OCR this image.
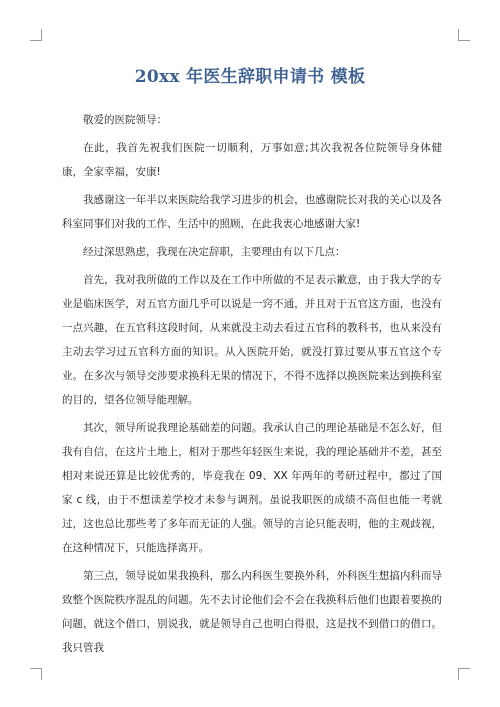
20xx 年医生辞职申请书 模板

敬爱的医院领导：

在此，我首先祝我们医院一切顺利，万事如意;其次我祝各位院领导身体健康，全家幸福，安康!

我感谢这一年半以来医院给我学习进步的机会，也感谢院长对我的关心以及各科室同事们对我的工作、生活中的照顾，在此我衷心地感谢大家!

经过深思熟虑，我现在决定辞职，主要理由有以下几点：

首先，我对我所做的工作以及在工作中所做的不足表示歉意，由于我大学的专业是临床医学，对五官方面几乎可以说是一窍不通，并且对于五官这方面，也没有一点兴趣，在五官科这段时间，从来就没主动去看过五官科的教科书，也从来没有主动去学习过五官科方面的知识。从入医院开始，就没打算过要从事五官这个专业。在多次与领导交涉要求换科无果的情况下，不得不选择以换医院来达到换科室的目的，望各位领导能理解。

其次，领导所说我理论基础差的问题。我承认自己的理论基础是不怎么好，但我有自信，在这片土地上，相对于那些年轻医生来说，我的理论基础并不差，甚至相对来说还算是比较优秀的，毕竟我在 09、XX 年两年的考研过程中，都过了国家 c 线，由于不想读差学校才未参与调剂。虽说我职医的成绩不高但也能一考就过，这也总比那些考了多年而无证的人强。领导的言论只能表明，他的主观歧视，在这种情况下，只能选择离开。

第三点，领导说如果我换科，那么内科医生要换外科，外科医生想搞内科而导致整个医院秩序混乱的问题。先不去讨论他们会不会在我换科后他们也跟着要换的问题，就这个借口，别说我，就是领导自己也明白得很，这是找不到借口的借口。我只管我
